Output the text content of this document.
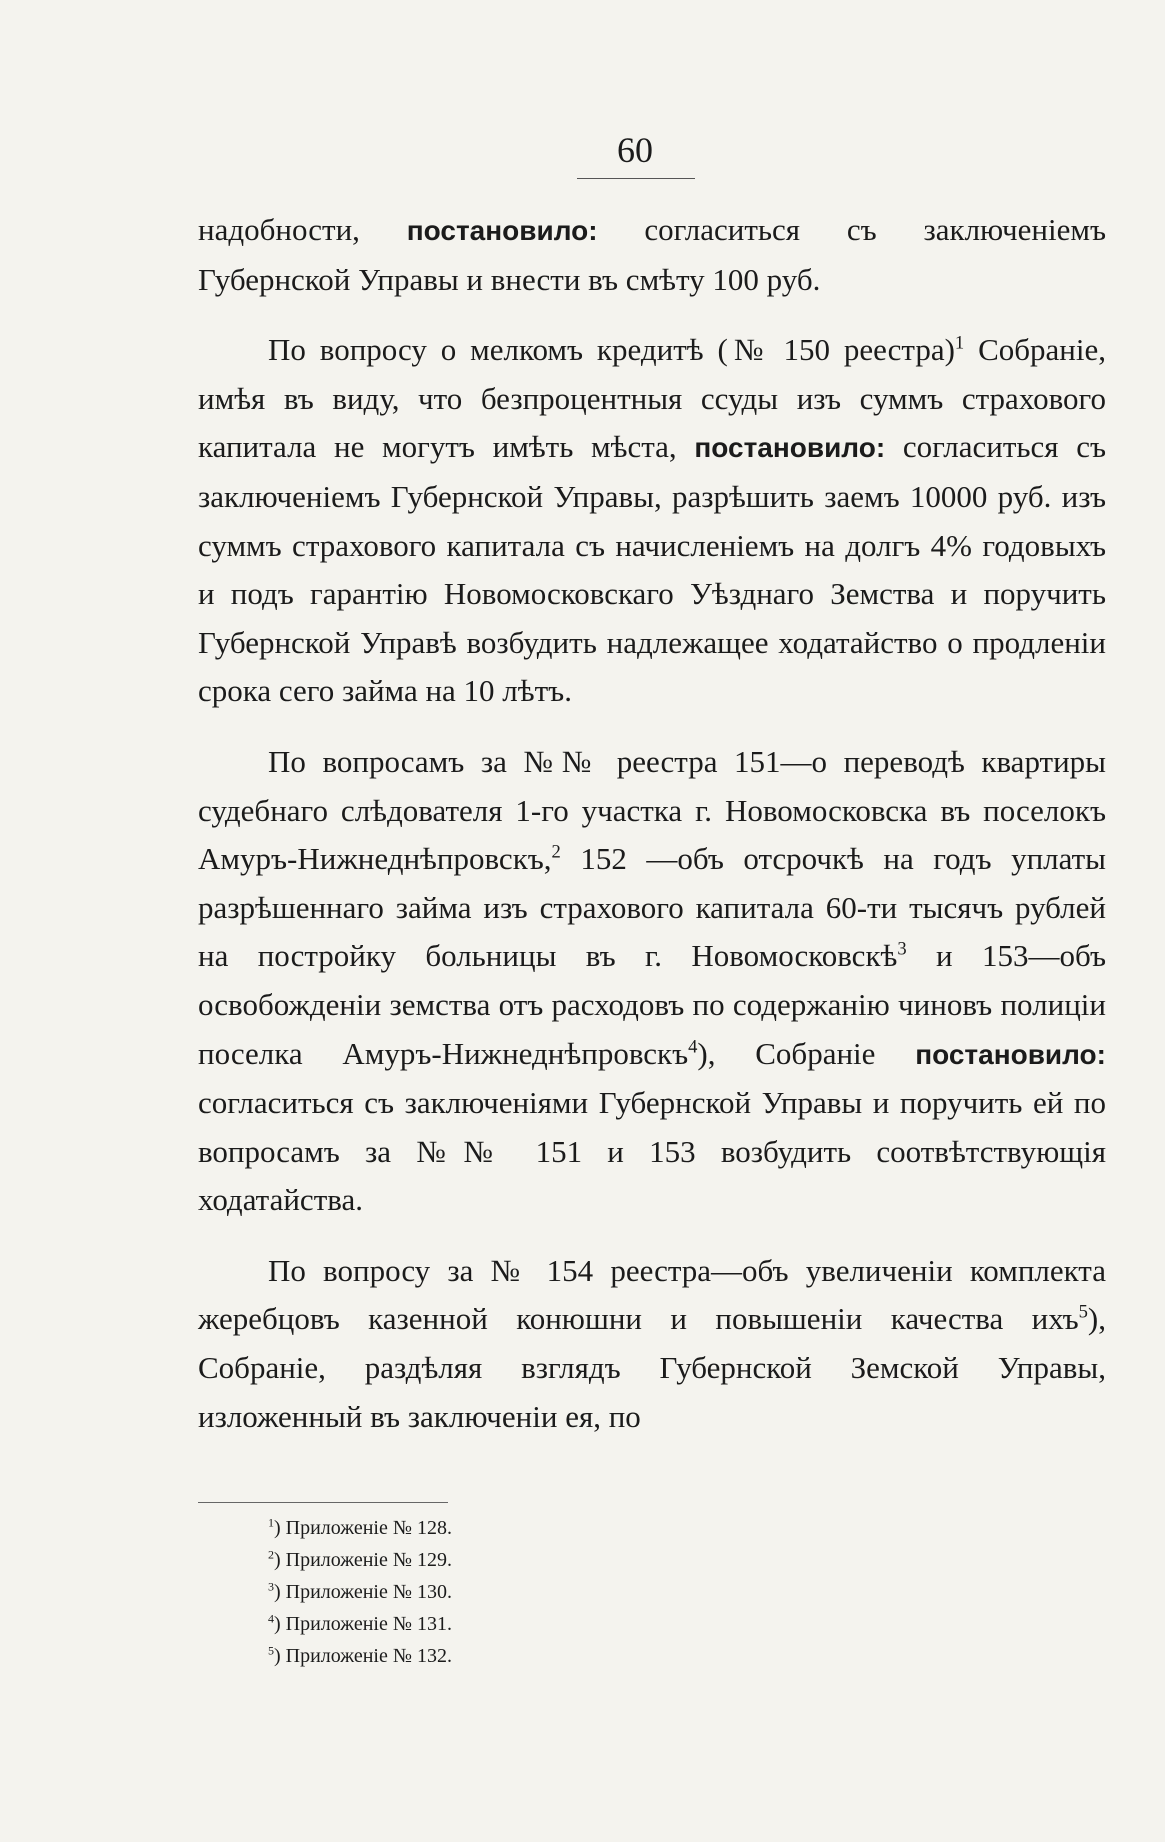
60

надобности, постановило: согласиться съ заключеніемъ Губернской Управы и внести въ смѣту 100 руб.

По вопросу о мелкомъ кредитѣ (№ 150 реестра)$^1$ Собраніе, имѣя въ виду, что безпроцентныя ссуды изъ суммъ страхового капитала не могутъ имѣть мѣста, постановило: согласиться съ заключеніемъ Губернской Управы, разрѣшить заемъ 10000 руб. изъ суммъ страхового капитала съ начисленіемъ на долгъ 4% годовыхъ и подъ гарантію Новомосковскаго Уѣзднаго Земства и поручить Губернской Управѣ возбудить надлежащее ходатайство о продленіи срока сего займа на 10 лѣтъ.

По вопросамъ за №№ реестра 151—о переводѣ квартиры судебнаго слѣдователя 1-го участка г. Новомосковска въ поселокъ Амуръ-Нижнеднѣпровскъ,$^2$ 152 —объ отсрочкѣ на годъ уплаты разрѣшеннаго займа изъ страхового капитала 60-ти тысячъ рублей на постройку больницы въ г. Новомосковскѣ$^3$ и 153—объ освобожденіи земства отъ расходовъ по содержанію чиновъ полиціи поселка Амуръ-Нижнеднѣпровскъ$^4$), Собраніе постановило: согласиться съ заключеніями Губернской Управы и поручить ей по вопросамъ за №№ 151 и 153 возбудить соотвѣтствующія ходатайства.

По вопросу за № 154 реестра—объ увеличеніи комплекта жеребцовъ казенной конюшни и повышеніи качества ихъ$^5$), Собраніе, раздѣляя взглядъ Губернской Земской Управы, изложенный въ заключеніи ея, по

$^1$) Приложеніе № 128.
$^2$) Приложеніе № 129.
$^3$) Приложеніе № 130.
$^4$) Приложеніе № 131.
$^5$) Приложеніе № 132.
